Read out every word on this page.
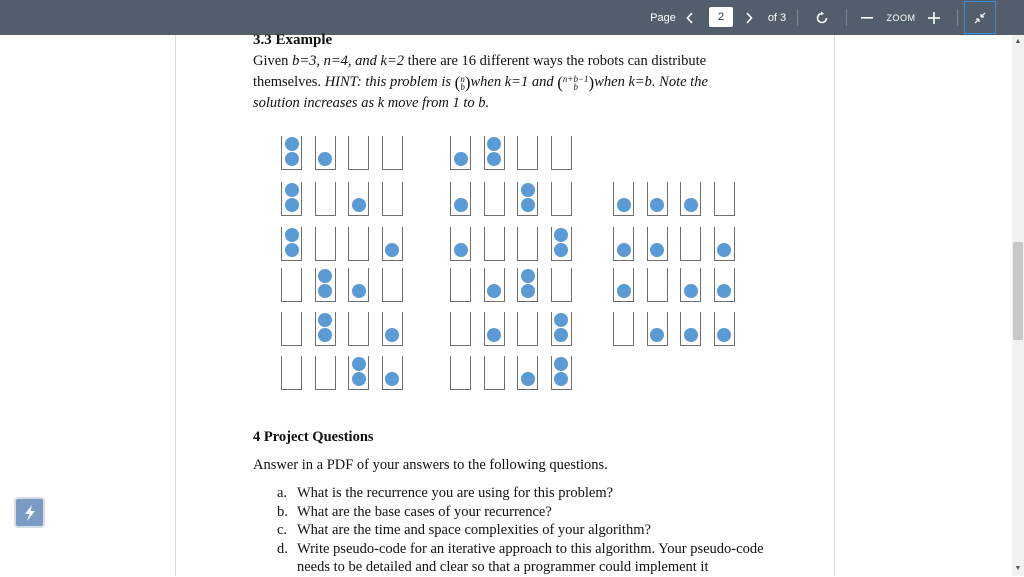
Page
2	of 3	ZOOM
3.3 Example
Given b=3, n=4, and k=2 there are 16 different ways the robots can distribute
themselves. HINT: this problem is (n
b)when k=1 and (n+b−1
b )when k=b. Note the
solution increases as k move from 1 to b.
4 Project Questions
Answer in a PDF of your answers to the following questions.
a. What is the recurrence you are using for this problem?
b. What are the base cases of your recurrence?
c. What are the time and space complexities of your algorithm?
d. Write pseudo-code for an iterative approach to this algorithm. Your pseudo-code needs to be detailed and clear so that a programmer could implement it
▲
▼
